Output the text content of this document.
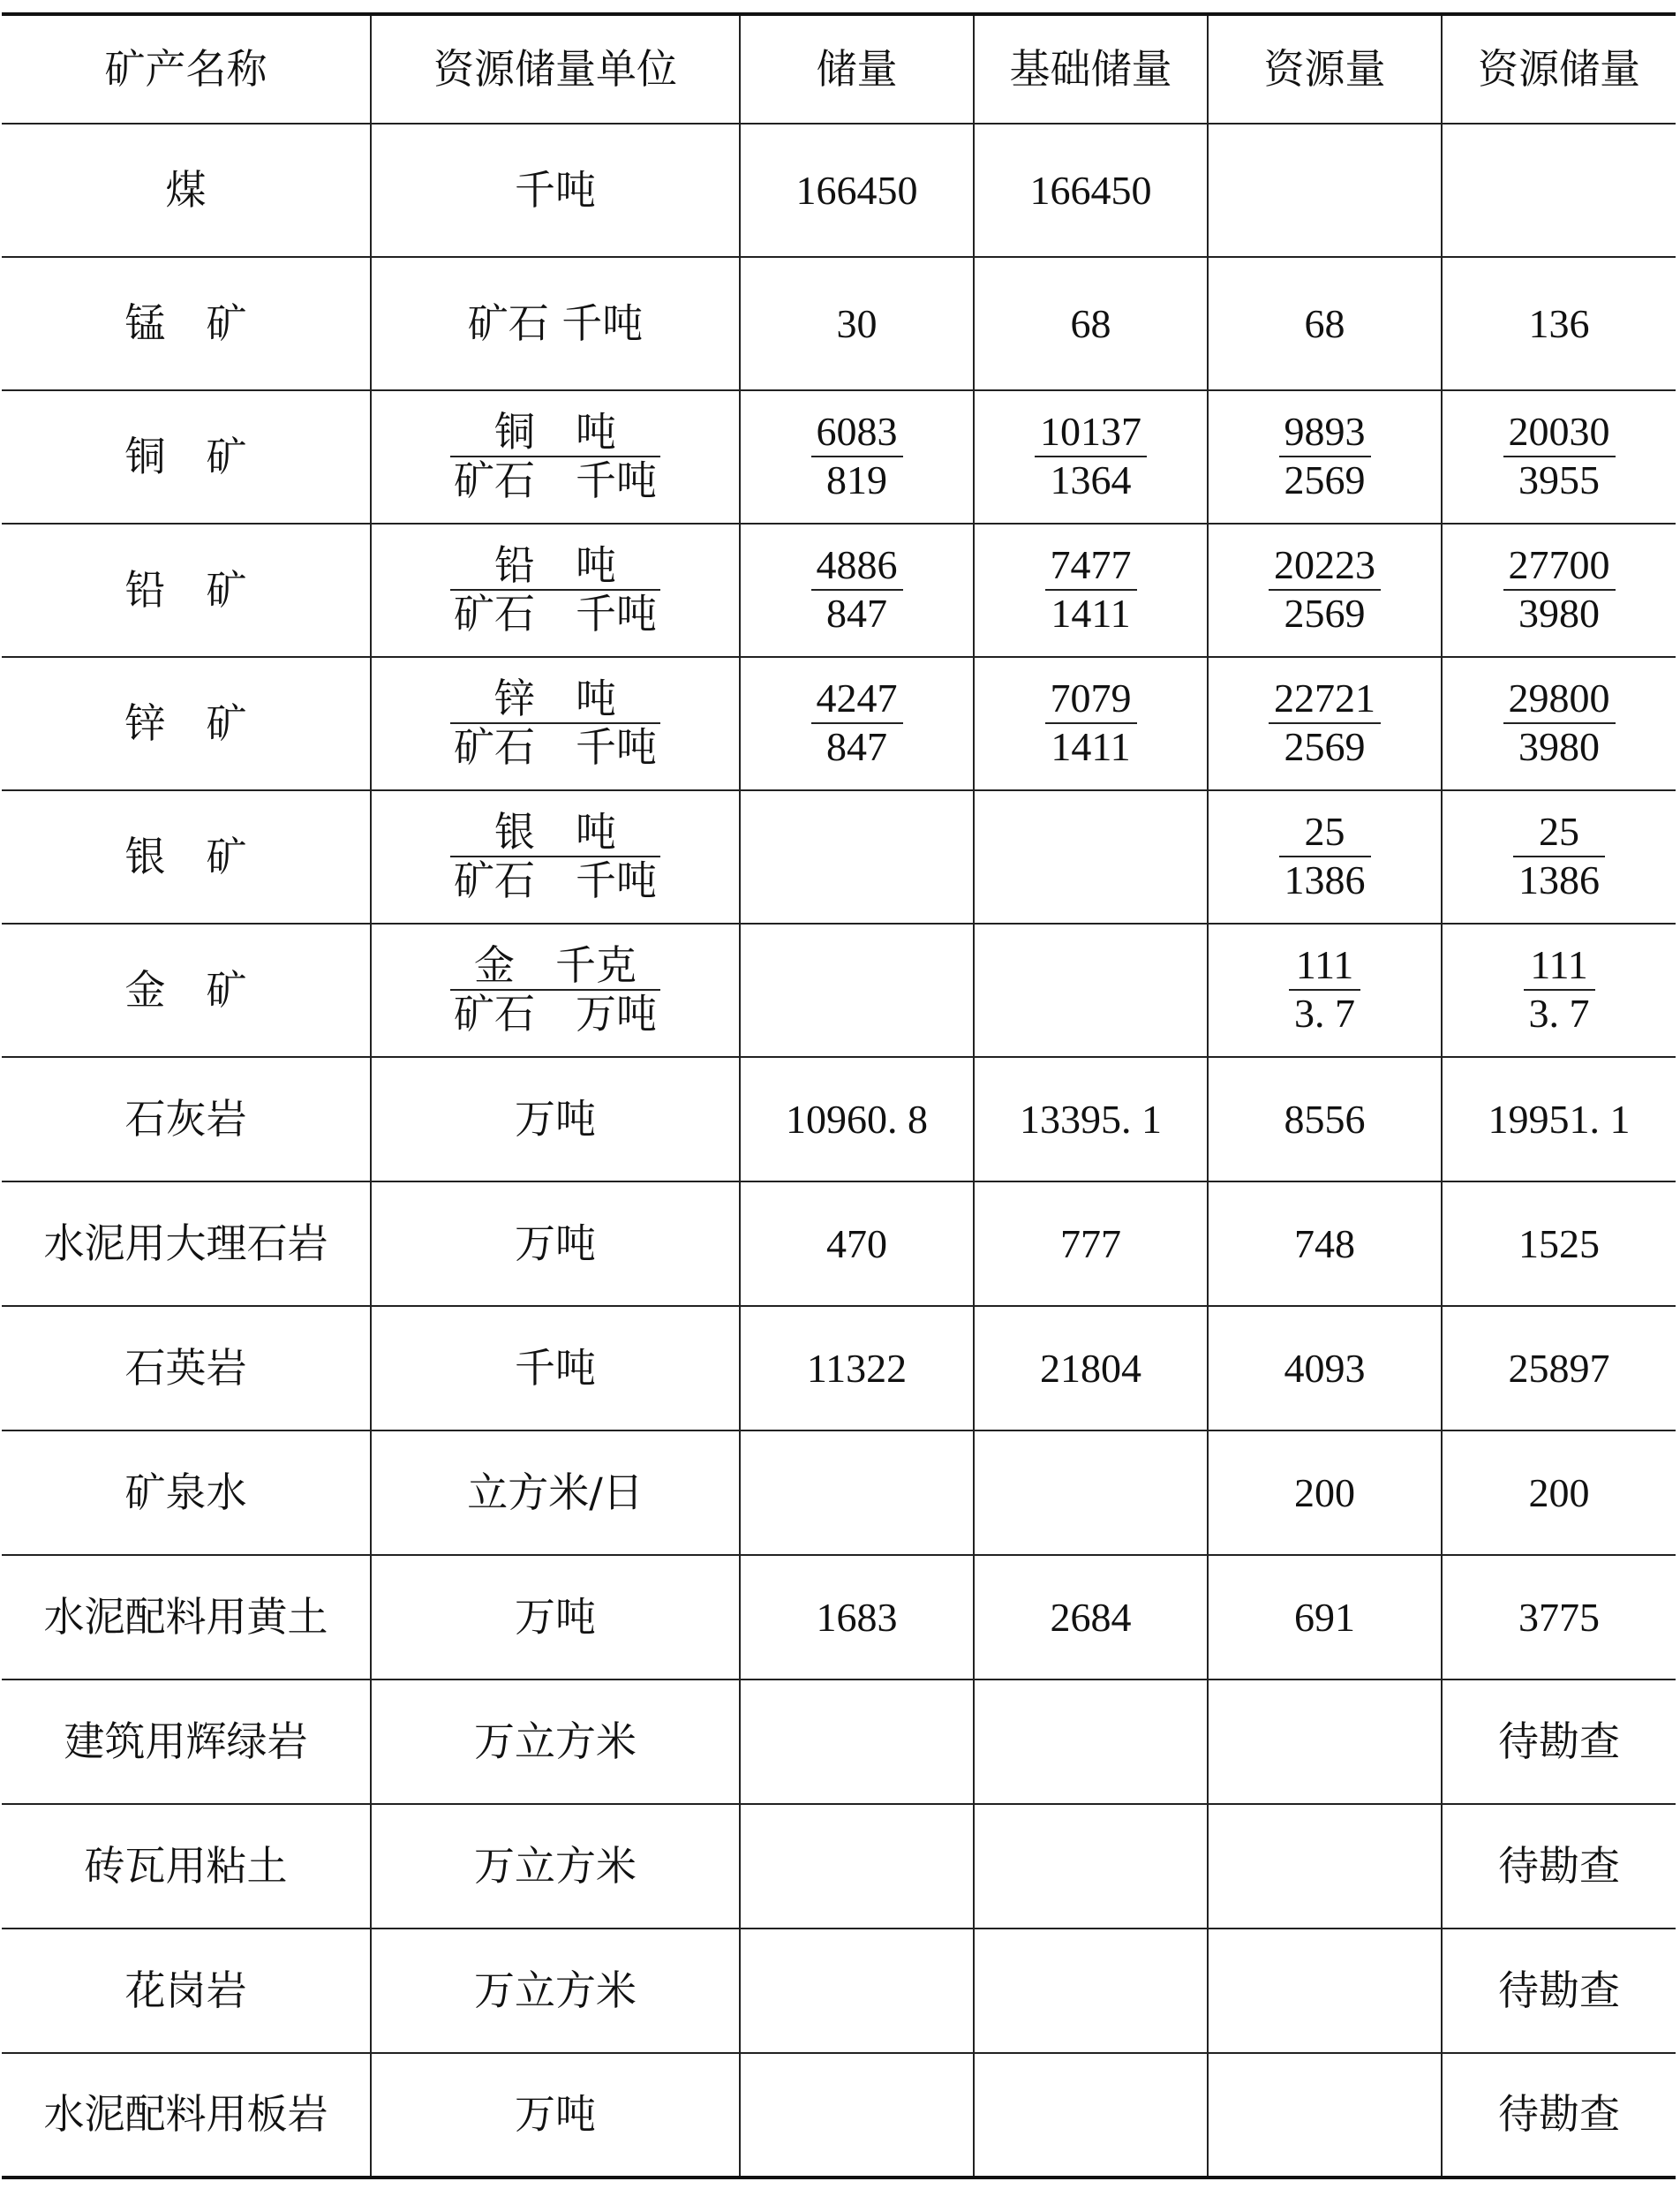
矿产名称	资源储量单位	储量	基础储量	资源量	资源储量
煤	千吨	166450	166450		
锰　矿	矿石 千吨	30	68	68	136
铜　矿	$\frac{\text{铜　吨}}{\text{矿石　千吨}}$	$\frac{6083}{819}$	$\frac{10137}{1364}$	$\frac{9893}{2569}$	$\frac{20030}{3955}$

铅　矿	$\frac{\text{铅　吨}}{\text{矿石　千吨}}$	$\frac{4886}{847}$	$\frac{7477}{1411}$	$\frac{20223}{2569}$	$\frac{27700}{3980}$

锌　矿	$\frac{\text{锌　吨}}{\text{矿石　千吨}}$	$\frac{4247}{847}$	$\frac{7079}{1411}$	$\frac{22721}{2569}$	$\frac{29800}{3980}$

银　矿	$\frac{\text{银　吨}}{\text{矿石　千吨}}$			$\frac{25}{1386}$	$\frac{25}{1386}$

金　矿	$\frac{\text{金　千克}}{\text{矿石　万吨}}$			$\frac{111}{3. 7}$	$\frac{111}{3. 7}$

石灰岩	万吨	10960. 8	13395. 1	8556	19951. 1
水泥用大理石岩	万吨	470	777	748	1525
石英岩	千吨	11322	21804	4093	25897
矿泉水	立方米/日			200	200
水泥配料用黄土	万吨	1683	2684	691	3775
建筑用辉绿岩	万立方米				待勘查
砖瓦用粘土	万立方米				待勘查
花岗岩	万立方米				待勘查
水泥配料用板岩	万吨				待勘查
